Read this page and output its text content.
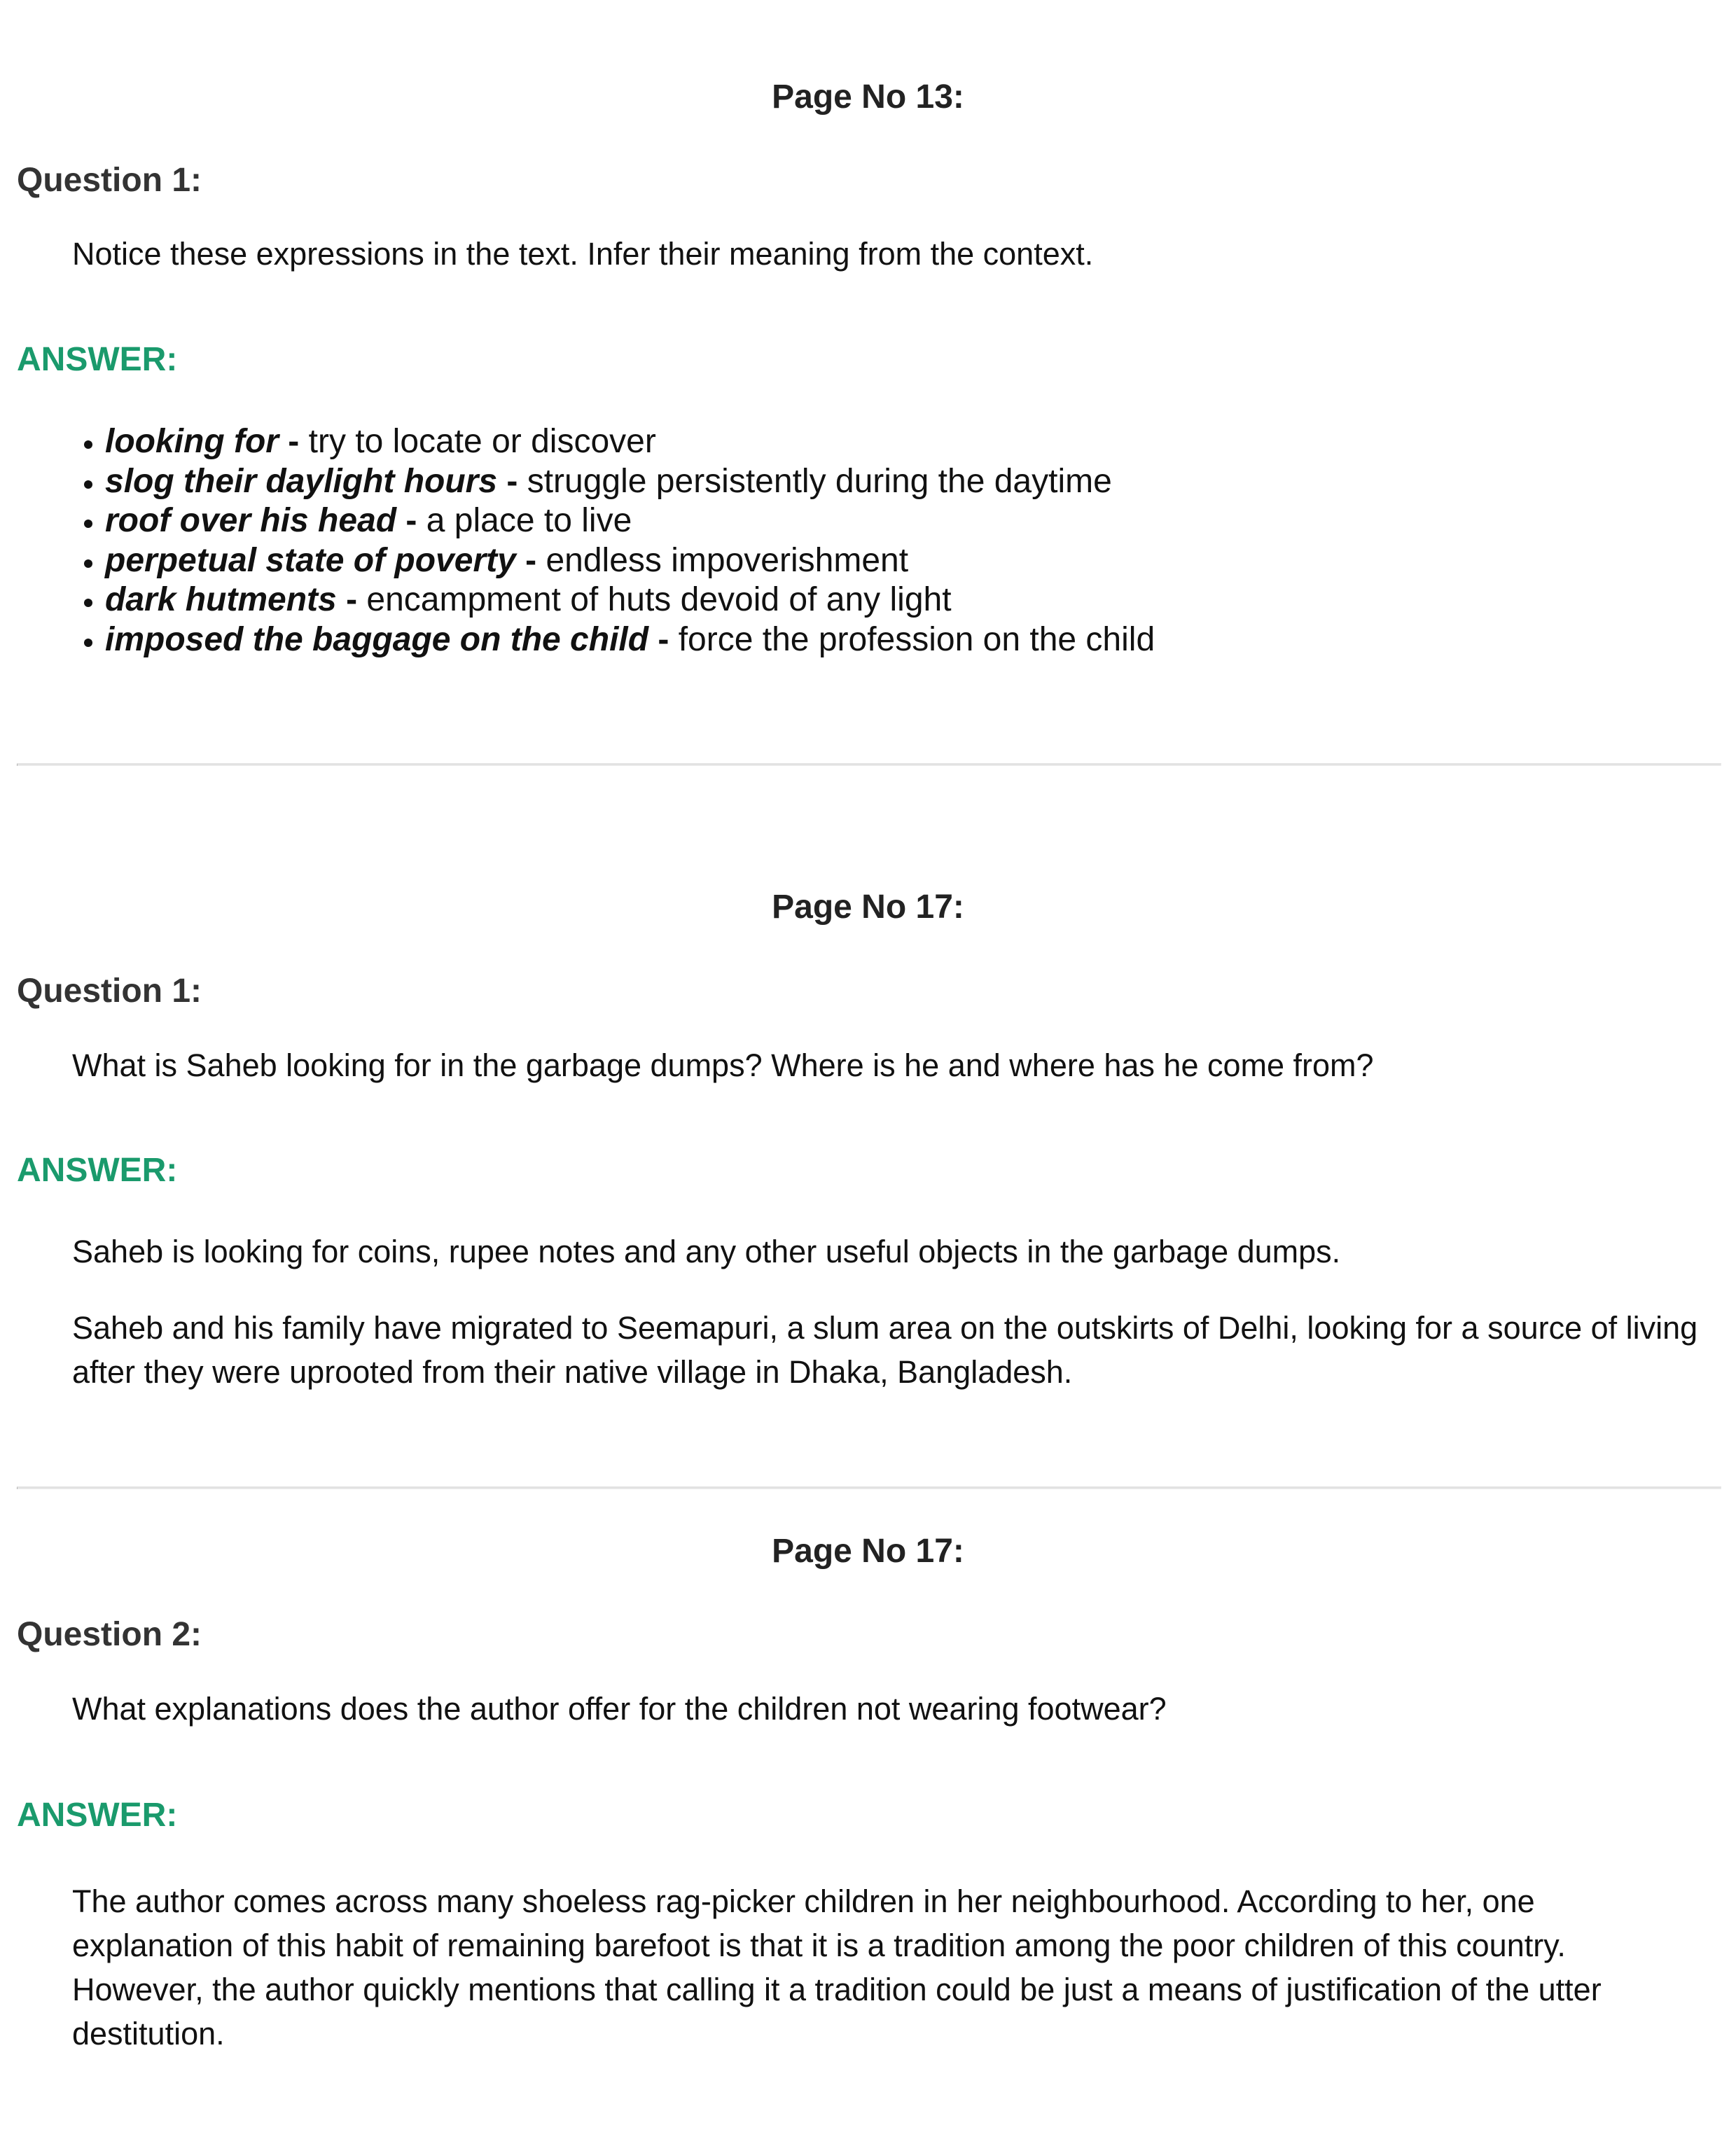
Page No 13:
Question 1:

Notice these expressions in the text. Infer their meaning from the context.

ANSWER:
• looking for - try to locate or discover
• slog their daylight hours - struggle persistently during the daytime
• roof over his head - a place to live
• perpetual state of poverty - endless impoverishment
• dark hutments - encampment of huts devoid of any light
• imposed the baggage on the child - force the profession on the child
Page No 17:
Question 1:

What is Saheb looking for in the garbage dumps? Where is he and where has he come from?

ANSWER:

Saheb is looking for coins, rupee notes and any other useful objects in the garbage dumps.

Saheb and his family have migrated to Seemapuri, a slum area on the outskirts of Delhi, looking for a source of living after they were uprooted from their native village in Dhaka, Bangladesh.

Page No 17:
Question 2:

What explanations does the author offer for the children not wearing footwear?

ANSWER:

The author comes across many shoeless rag-picker children in her neighbourhood. According to her, one explanation of this habit of remaining barefoot is that it is a tradition among the poor children of this country. However, the author quickly mentions that calling it a tradition could be just a means of justification of the utter destitution.
